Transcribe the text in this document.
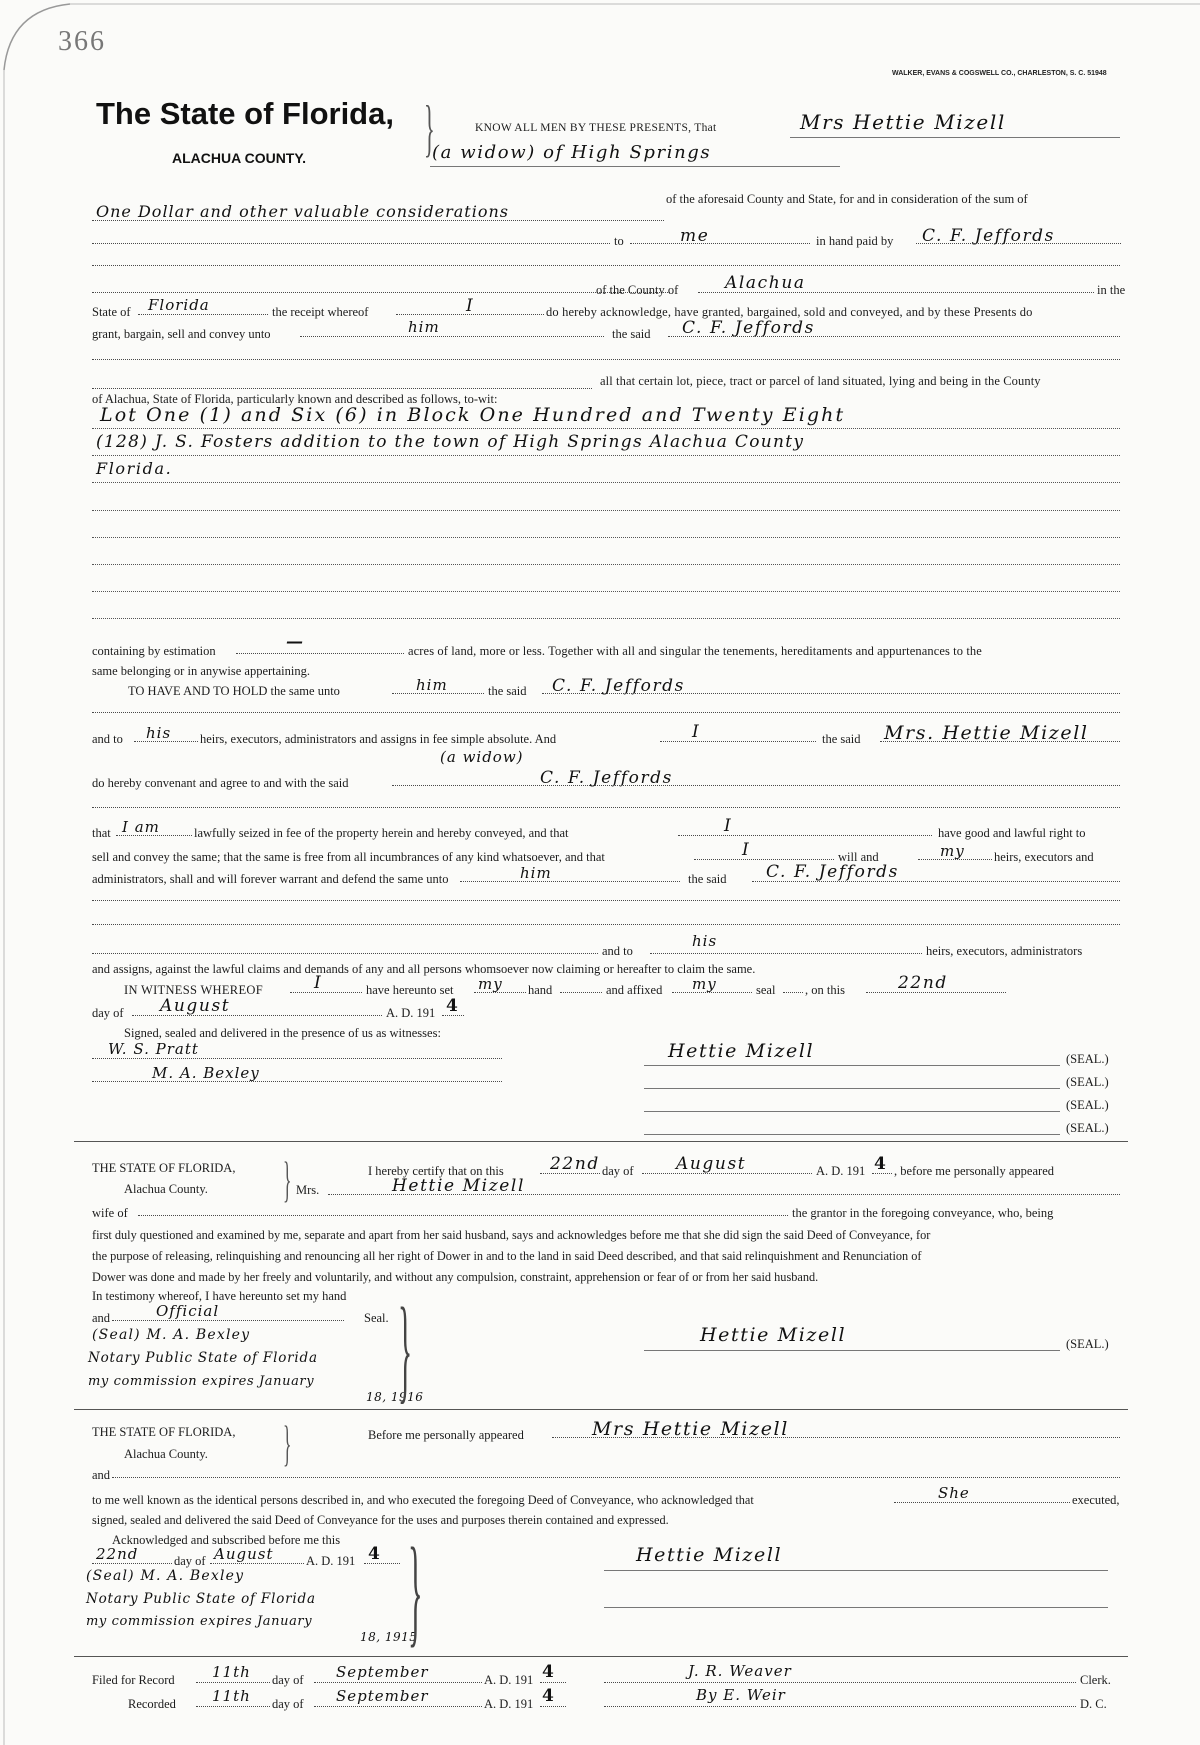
366
WALKER, EVANS & COGSWELL CO., CHARLESTON, S. C. 51948
The State of Florida,
ALACHUA COUNTY. }	KNOW ALL MEN BY THESE PRESENTS, That	Mrs Hettie Mizell
(a widow) of High Springs
One Dollar and other valuable considerations
of the aforesaid County and State, for and in consideration of the sum of
to	me	in hand paid by C. F. Jeffords
of the County of	Alachua	in the
State of Florida	the receipt whereof	I	do hereby acknowledge, have granted, bargained, sold and conveyed, and by these Presents do
grant, bargain, sell and convey unto	him	the said C. F. Jeffords
all that certain lot, piece, tract or parcel of land situated, lying and being in the County
of Alachua, State of Florida, particularly known and described as follows, to-wit:
Lot One (1) and Six (6) in Block One Hundred and Twenty Eight
(128) J. S. Fosters addition to the town of High Springs Alachua County
Florida.
containing by estimation	—	acres of land, more or less. Together with all and singular the tenements, hereditaments and appurtenances to the
same belonging or in anywise appertaining.
TO HAVE AND TO HOLD the same unto	him	the said C. F. Jeffords
and to his heirs, executors, administrators and assigns in fee simple absolute. And	I	the said Mrs. Hettie Mizell
(a widow)
do hereby convenant and agree to and with the said	C. F. Jeffords
that I am	lawfully seized in fee of the property herein and hereby conveyed, and that	I	have good and lawful right to
sell and convey the same; that the same is free from all incumbrances of any kind whatsoever, and that	I	will and	my heirs, executors and
administrators, shall and will forever warrant and defend the same unto	him	the said C. F. Jeffords
and to
his
heirs, executors, administrators
and assigns, against the lawful claims and demands of any and all persons whomsoever now claiming or hereafter to claim the same.
IN WITNESS WHEREOF	I	have hereunto set my hand	and affixed my	seal , on this	22nd
day of August	A. D. 191 4
Signed, sealed and delivered in the presence of us as witnesses:
W. S. Pratt
M. A. Bexley
Hettie Mizell	(SEAL.)
(SEAL.)
(SEAL.)
(SEAL.)
THE STATE OF FLORIDA,
Alachua County. }	I hereby certify that on this	22nd day of August	A. D. 191 4 , before me personally appeared
Mrs.	Hettie Mizell
wife of	the grantor in the foregoing conveyance, who, being
first duly questioned and examined by me, separate and apart from her said husband, says and acknowledges before me that she did sign the said Deed of Conveyance, for
the purpose of releasing, relinquishing and renouncing all her right of Dower in and to the land in said Deed described, and that said relinquishment and Renunciation of
Dower was done and made by her freely and voluntarily, and without any compulsion, constraint, apprehension or fear of or from her said husband.
In testimony whereof, I have hereunto set my hand
and	Official	Seal.
(Seal) M. A. Bexley
Notary Public State of Florida
my commission expires January
18, 1916
}	Hettie Mizell	(SEAL.)
THE STATE OF FLORIDA,
Alachua County. }	Before me personally appeared	Mrs Hettie Mizell
and
to me well known as the identical persons described in, and who executed the foregoing Deed of Conveyance, who acknowledged that	She	executed,
signed, sealed and delivered the said Deed of Conveyance for the uses and purposes therein contained and expressed.
Acknowledged and subscribed before me this
22nd	day of August	A. D. 191 4
(Seal) M. A. Bexley
Notary Public State of Florida
my commission expires January
18, 1915
}	Hettie Mizell
Filed for Record 11th day of September	A. D. 191 4	J. R. Weaver	Clerk.
Recorded 11th day of September	A. D. 191 4	By E. Weir	D. C.
